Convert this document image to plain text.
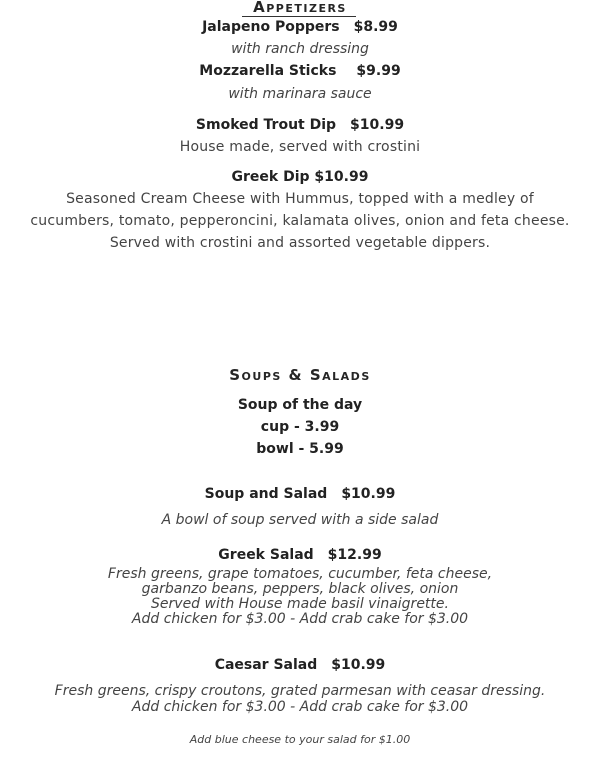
Appetizers
Jalapeno Poppers $8.99
with ranch dressing
Mozzarella Sticks $9.99
with marinara sauce
Smoked Trout Dip $10.99
House made, served with crostini
Greek Dip $10.99
Seasoned Cream Cheese with Hummus, topped with a medley of
cucumbers, tomato, pepperoncini, kalamata olives, onion and feta cheese.
Served with crostini and assorted vegetable dippers.
Soups & Salads
Soup of the day
cup - 3.99
bowl - 5.99
Soup and Salad $10.99
A bowl of soup served with a side salad
Greek Salad $12.99
Fresh greens, grape tomatoes, cucumber, feta cheese,
garbanzo beans, peppers, black olives, onion
Served with House made basil vinaigrette.
Add chicken for $3.00 - Add crab cake for $3.00
Caesar Salad $10.99
Fresh greens, crispy croutons, grated parmesan with ceasar dressing.
Add chicken for $3.00 - Add crab cake for $3.00
Add blue cheese to your salad for $1.00
